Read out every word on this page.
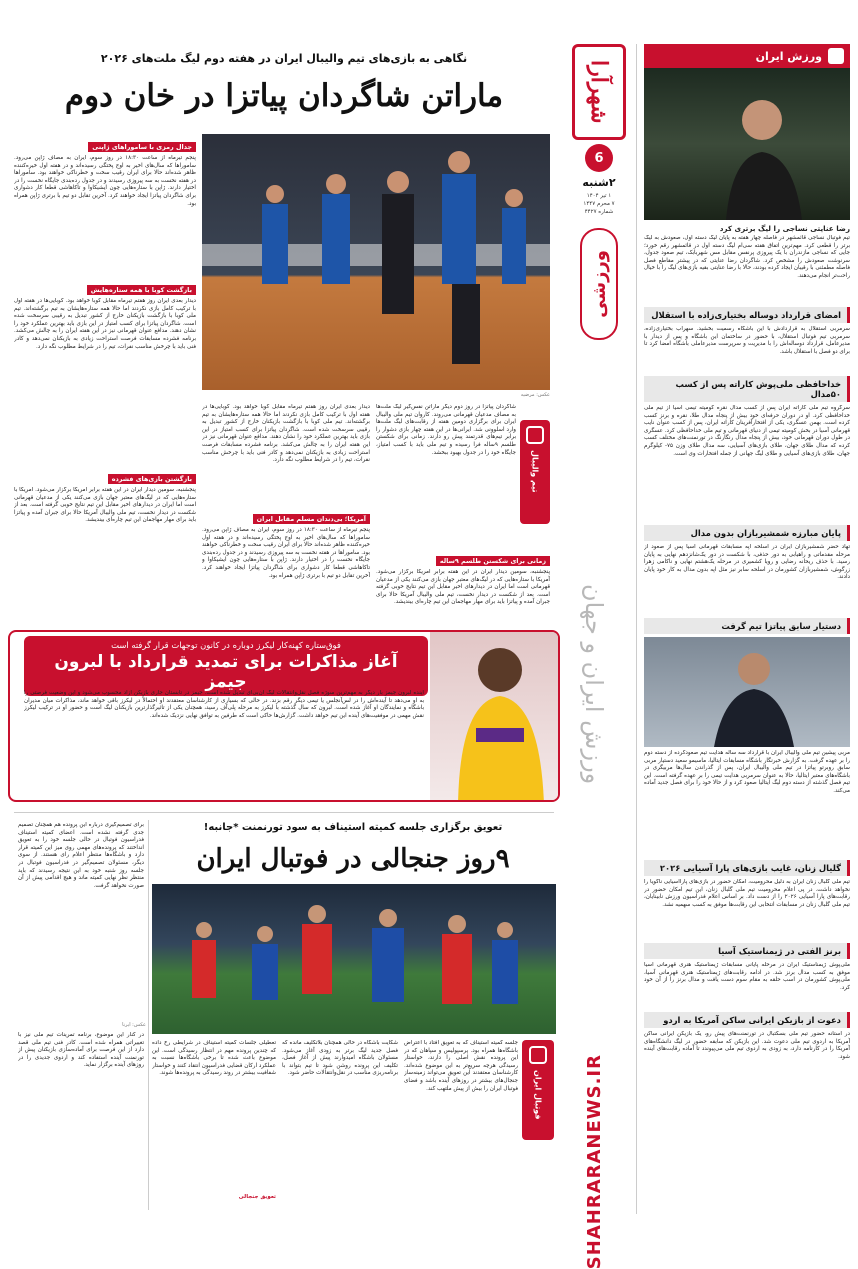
شهرآرا
6
۲شنبه
۱ تیر ۱۴۰۴
۷ محرم ۱۴۴۷
شماره ۴۴۲۷
ورزشی
ورزش ایران و جهان
SHAHRARANEWS.IR
ورزش ایران
رضا عنایتی نساجی را لیگ برتری کرد
تیم فوتبال نساجی قائمشهر در فاصله چهار هفته به پایان لیگ دسته اول، صعودش به لیگ برتر را قطعی کرد. مهم‌ترین اتفاق هفته سی‌ام لیگ دسته اول در قائمشهر رقم خورد؛ جایی که نساجی مازندران با یک پیروزی پرنفس مقابل مس شهربابک، تیم صعود جدول، سرنوشت صعودش را مشخص کرد. شاگردان رضا عنایتی که در پیشتر مقاطع فصل فاصله مطمئنی با رقیبان ایجاد کرده بودند، حالا با رضا عنایتی بقیه بازی‌های لیگ را با خیال راحت‌تر انجام می‌دهند.
امضای قرارداد دوساله بختیاری‌زاده با استقلال
سرمربی استقلال به قراردادش با این باشگاه رسمیت بخشید. سهراب بختیاری‌زاده، سرمربی تیم فوتبال استقلال، با حضور در ساختمان این باشگاه و پس از دیدار با مدیرعامل، قرارداد دوساله‌اش را با مدیریت و سرپرست مدیرعاملی باشگاه امضا کرد تا برای دو فصل با استقلال باشد.
خداحافظی ملی‌پوش کاراته پس از کسب ۵۰مدال
سرگروه تیم ملی کاراته ایران پس از کسب مدال نقره کومیته تیمی آسیا از تیم ملی خداحافظی کرد. او در دوران حرفه‌ای خود بیش از پنجاه مدال طلا، نقره و برنز کسب کرده است. بهمن عسگری، یکی از افتخارآفرینان کاراته ایران، پس از کسب عنوان نایب قهرمانی آسیا در بخش کومیته تیمی از دنیای قهرمانی و تیم ملی خداحافظی کرد. عسگری در طول دوران قهرمانی خود، بیش از پنجاه مدال رنگارنگ در تورنمنت‌های مختلف کسب کرده که مدال طلای جهان، طلای بازی‌های آسیایی، سه مدال طلای وزن ۷۵- کیلوگرم جهان، طلای بازی‌های آسیایی و طلای لیگ جهانی از جمله افتخارات وی است.
پایان مبارزه شمشیربازان بدون مدال
تهاد حضر شمشیربازان ایران در اسلحه اپه مسابقات قهرمانی آسیا پس از صعود از مرحله مقدماتی و راهیابی به دور حذفی، با شکست در دور یک‌شانزدهم نهایی به پایان رسید. با حذف ریحانه رضایی و رویا کشمیری در مرحله یک‌هشتم نهایی و ناکامی زهرا زرگوش، شمشیربازان کشورمان در اسلحه سابر نیز مثل اپه بدون مدال به کار خود پایان دادند.
دستیار سابق پیاتزا تیم گرفت
مربی پیشین تیم ملی والیبال ایران با قرارداد سه ساله هدایت تیم صعودکرده از دسته دوم را بر عهده گرفت. به گزارش خبرنگار باشگاه مسابقات ایتالیا، ماسیمو سعید دستیار مربی سابق روبرتو پیاتزا در تیم ملی والیبال ایران، پس از گذراندن سال‌ها مربیگری در باشگاه‌های معتبر ایتالیا، حالا به عنوان سرمربی هدایت تیمی را بر عهده گرفته است. این تیم فصل گذشته از دسته دوم لیگ ایتالیا صعود کرد و از حالا خود را برای فصل جدید آماده می‌کند.
گلیال زنان، غایب بازی‌های پارا آسیایی ۲۰۲۶
تیم ملی گلبال زنان ایران به دلیل محرومیت، امکان حضور در بازی‌های پاراآسیایی ناگویا را نخواهد داشت. در پی اعلام محرومیت تیم ملی گلبال زنان، این تیم امکان حضور در رقابت‌های پارا آسیایی ۲۰۲۶ را از دست داد. بر اساس اعلام فدراسیون ورزش نابینایان، تیم ملی گلبال زنان در مسابقات انتخابی این رقابت‌ها موفق به کسب سهمیه نشد.
برنز الفتی در ژیمناستیک آسیا
ملی‌پوش ژیمناستیک ایران در مرحله پایانی مسابقات ژیمناستیک هنری قهرمانی آسیا موفق به کسب مدال برنز شد. در ادامه رقابت‌های ژیمناستیک هنری قهرمانی آسیا، ملی‌پوش کشورمان در اسب حلقه به مقام سوم دست یافت و مدال برنز را از آن خود کرد.
دعوت از بازیکن ایرانی ساکن آمریکا به اردو
در آستانه حضور تیم ملی بسکتبال در تورنمنت‌های پیش رو، یک بازیکن ایرانی ساکن آمریکا به اردوی تیم ملی دعوت شد. این بازیکن که سابقه حضور در لیگ دانشگاه‌های آمریکا را در کارنامه دارد، به زودی به اردوی تیم ملی می‌پیوندد تا آماده رقابت‌های آینده شود.
نگاهی به بازی‌های تیم والیبال ایران در هفته دوم لیگ ملت‌های ۲۰۲۶
ماراتن شاگردان پیاتزا در خان دوم
عکس: مرضیه
جدال رمزی با ساموراهای ژاپنی
پنجم تیرماه از ساعت ۱۸:۳۰ در روز سوم، ایران به مصاف ژاپن می‌رود. ساموراها که سال‌های اخیر به اوج پختگی رسیده‌اند و در هفته اول خیره‌کننده ظاهر شده‌اند حالا برای ایران رقیب سخت و خطرناکی خواهند بود. ساموراها در هفته نخست به سه پیروزی رسیدند و در جدول رده‌بندی جایگاه نخست را در اختیار دارند. ژاپن با ستاره‌هایی چون ایشیکاوا و تاکاهاشی قطعا کار دشواری برای شاگردان پیاتزا ایجاد خواهند کرد. آخرین تقابل دو تیم با برتری ژاپن همراه بود.
بازگشت کوبا با همه ستاره‌هایش
دیدار بعدی ایران روز هفتم تیرماه مقابل کوبا خواهد بود. کوبایی‌ها در هفته اول با ترکیب کامل بازی نکردند اما حالا همه ستاره‌هایشان به تیم برگشته‌اند. تیم ملی کوبا با بازگشت بازیکنان خارج از کشور تبدیل به رقیبی سرسخت شده است. شاگردان پیاتزا برای کسب امتیاز در این بازی باید بهترین عملکرد خود را نشان دهند. مدافع عنوان قهرمانی نیز در این هفته ایران را به چالش می‌کشد. برنامه فشرده مسابقات فرصت استراحت زیادی به بازیکنان نمی‌دهد و کادر فنی باید با چرخش مناسب نفرات، تیم را در شرایط مطلوب نگه دارد.
بازگشتن بازی‌های فشرده
پنجشنبه، سومین دیدار ایران در این هفته برابر آمریکا برگزار می‌شود. آمریکا با ستاره‌هایی که در لیگ‌های معتبر جهان بازی می‌کنند یکی از مدعیان قهرمانی است اما ایران در دیدارهای اخیر مقابل این تیم نتایج خوبی گرفته است. بعد از شکست در دیدار نخست، تیم ملی والیبال آمریکا حالا برای جبران آمده و پیاتزا باید برای مهار مهاجمان این تیم چاره‌ای بیندیشد.
تیم والیبال
شاگردان پیاتزا در روز دوم دیگر ماراتن نفس‌گیر لیگ ملت‌ها به مصاف مدعیان قهرمانی می‌روند. کاروان تیم ملی والیبال ایران برای برگزاری دومین هفته از رقابت‌های لیگ ملت‌ها وارد اسلوونی شد. ایرانی‌ها در این هفته چهار بازی دشوار را برابر تیم‌های قدرتمند پیش رو دارند. زمانی برای شکستن طلسم ۹ساله فرا رسیده و تیم ملی باید با کسب امتیاز، جایگاه خود را در جدول بهبود ببخشد.
زمانی برای شکستن طلسم ۹ساله
پنجشنبه، سومین دیدار ایران در این هفته برابر آمریکا برگزار می‌شود. آمریکا با ستاره‌هایی که در لیگ‌های معتبر جهان بازی می‌کنند یکی از مدعیان قهرمانی است اما ایران در دیدارهای اخیر مقابل این تیم نتایج خوبی گرفته است. بعد از شکست در دیدار نخست، تیم ملی والیبال آمریکا حالا برای جبران آمده و پیاتزا باید برای مهار مهاجمان این تیم چاره‌ای بیندیشد.
دیدار بعدی ایران روز هفتم تیرماه مقابل کوبا خواهد بود. کوبایی‌ها در هفته اول با ترکیب کامل بازی نکردند اما حالا همه ستاره‌هایشان به تیم برگشته‌اند. تیم ملی کوبا با بازگشت بازیکنان خارج از کشور تبدیل به رقیبی سرسخت شده است. شاگردان پیاتزا برای کسب امتیاز در این بازی باید بهترین عملکرد خود را نشان دهند. مدافع عنوان قهرمانی نیز در این هفته ایران را به چالش می‌کشد. برنامه فشرده مسابقات فرصت استراحت زیادی به بازیکنان نمی‌دهد و کادر فنی باید با چرخش مناسب نفرات، تیم را در شرایط مطلوب نگه دارد.
آمریکا؛ بی‌دندان مسلم مقابل ایران
پنجم تیرماه از ساعت ۱۸:۳۰ در روز سوم، ایران به مصاف ژاپن می‌رود. ساموراها که سال‌های اخیر به اوج پختگی رسیده‌اند و در هفته اول خیره‌کننده ظاهر شده‌اند حالا برای ایران رقیب سخت و خطرناکی خواهند بود. ساموراها در هفته نخست به سه پیروزی رسیدند و در جدول رده‌بندی جایگاه نخست را در اختیار دارند. ژاپن با ستاره‌هایی چون ایشیکاوا و تاکاهاشی قطعا کار دشواری برای شاگردان پیاتزا ایجاد خواهند کرد. آخرین تقابل دو تیم با برتری ژاپن همراه بود.
فوق‌ستاره کهنه‌کار لیکرز دوباره در کانون توجهات قرار گرفته است
آغاز مذاکرات برای تمدید قرارداد با لبرون جیمز
آینده لبرون جیمز بار دیگر به مهم‌ترین سوژه فصل نقل‌وانتقالات لیگ آن‌بی‌ای تبدیل شده است. جیمز در تابستان جاری بازیکن آزاد محسوب می‌شود و این وضعیت فرصتی را به او می‌دهد تا آینده‌اش را در لس‌آنجلس یا تیمی دیگر رقم بزند. در حالی که بسیاری از کارشناسان معتقدند او احتمالاً در لیکرز باقی خواهد ماند، مذاکرات میان مدیران باشگاه و نمایندگان او آغاز شده است. لبرون که سال گذشته با لیکرز به مرحله پلی‌آف رسید، همچنان یکی از تاثیرگذارترین بازیکنان لیگ است و حضور او در ترکیب لیکرز نقش مهمی در موفقیت‌های آینده این تیم خواهد داشت. گزارش‌ها حاکی است که طرفین به توافق نهایی نزدیک شده‌اند.
تعویق برگزاری جلسه کمیته استیناف به سود تورنمنت *جانبه!
۹روز جنجالی در فوتبال ایران
عکس: ایرنا
برای تصمیم‌گیری درباره این پرونده هم همچنان تصمیم جدی گرفته نشده است. اعضای کمیته استیناف فدراسیون فوتبال در حالی جلسه خود را به تعویق انداختند که پرونده‌های مهمی روی میز این کمیته قرار دارد و باشگاه‌ها منتظر اعلام رای هستند. از سوی دیگر، مسئولان تصمیم‌گیر در فدراسیون فوتبال در جلسه روز شنبه خود به این نتیجه رسیدند که باید منتظر نظر نهایی کمیته ماند و هیچ اقدامی پیش از آن صورت نخواهد گرفت.
در کنار این موضوع، برنامه تمرینات تیم ملی نیز با تغییراتی همراه شده است. کادر فنی تیم ملی قصد دارد از این فرصت برای آماده‌سازی بازیکنان پیش از تورنمنت آینده استفاده کند و اردوی جدیدی را در روزهای آینده برگزار نماید.
فوتبال ایران
جلسه کمیته استیناف که به تعویق افتاد با اعتراض باشگاه‌ها همراه بود. پرسپولیس و سپاهان که در این پرونده نقش اصلی را دارند، خواستار رسیدگی هرچه سریع‌تر به این موضوع شده‌اند. کارشناسان معتقدند این تعویق می‌تواند زمینه‌ساز جنجال‌های بیشتر در روزهای آینده باشد و فضای فوتبال ایران را بیش از پیش ملتهب کند.
شکایت باشگاه در حالی همچنان بلاتکلیف مانده که فصل جدید لیگ برتر به زودی آغاز می‌شود. مسئولان باشگاه امیدوارند پیش از آغاز فصل، تکلیف این پرونده روشن شود تا تیم بتواند با برنامه‌ریزی مناسب در نقل‌وانتقالات حاضر شود.
تعطیلی جلسات کمیته استیناف در شرایطی رخ داده که چندین پرونده مهم در انتظار رسیدگی است. این موضوع باعث شده تا برخی باشگاه‌ها نسبت به عملکرد ارکان قضایی فدراسیون انتقاد کنند و خواستار شفافیت بیشتر در روند رسیدگی به پرونده‌ها شوند.
تعویق جنجالی
